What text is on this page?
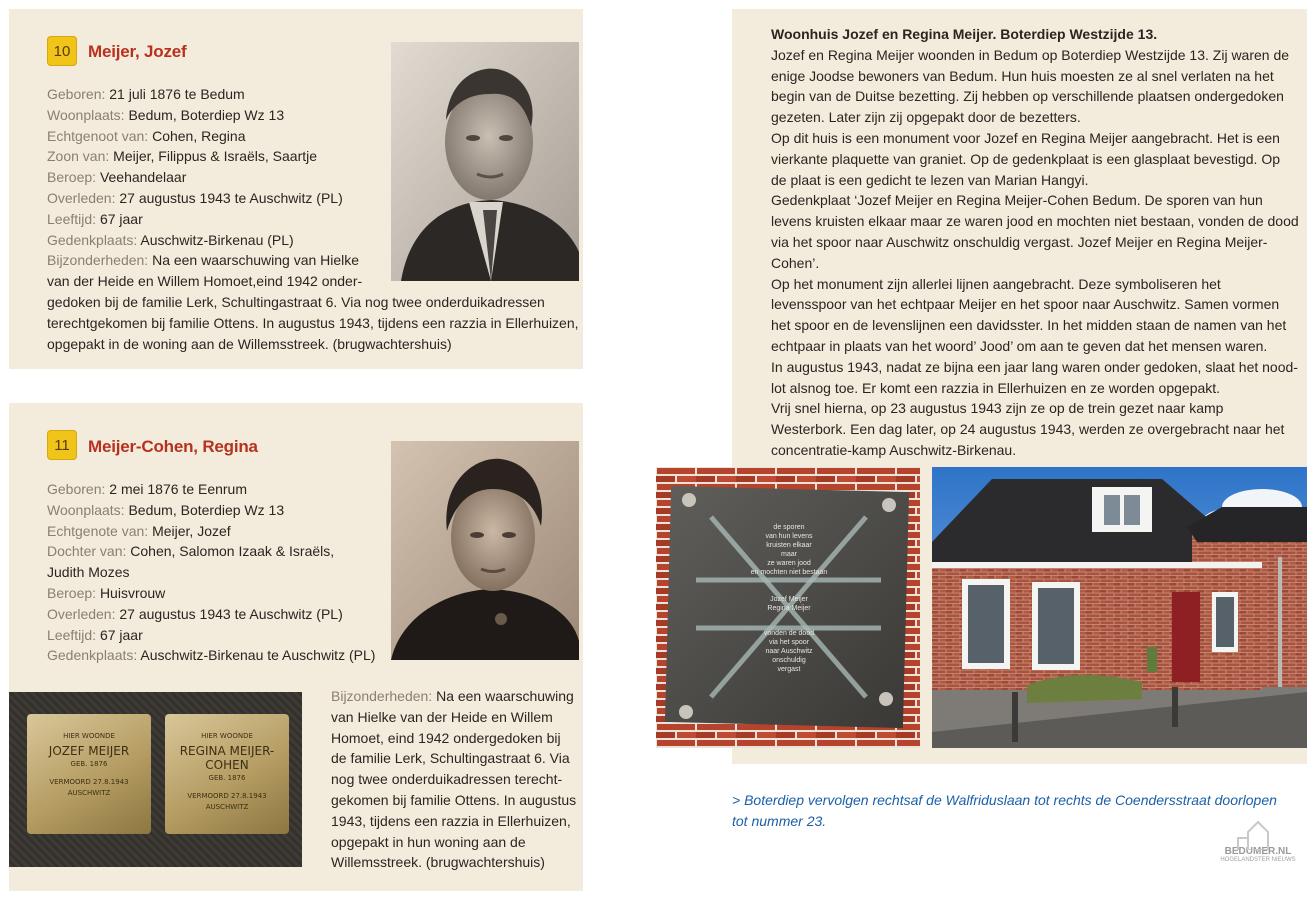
10	Meijer, Jozef
Geboren: 21 juli 1876 te Bedum
Woonplaats: Bedum, Boterdiep Wz 13
Echtgenoot van: Cohen, Regina
Zoon van: Meijer, Filippus & Israëls, Saartje
Beroep: Veehandelaar
Overleden: 27 augustus 1943 te Auschwitz (PL)
Leeftijd: 67 jaar
Gedenkplaats: Auschwitz-Birkenau (PL)
Bijzonderheden: Na een waarschuwing van Hielke
van der Heide en Willem Homoet,eind 1942 onder-
gedoken bij de familie Lerk, Schultingastraat 6. Via nog twee onderduikadressen
terechtgekomen bij familie Ottens. In augustus 1943, tijdens een razzia in Ellerhuizen,
opgepakt in de woning aan de Willemsstreek. (brugwachtershuis)
11	Meijer-Cohen, Regina
Geboren: 2 mei 1876 te Eenrum
Woonplaats: Bedum, Boterdiep Wz 13
Echtgenote van: Meijer, Jozef
Dochter van: Cohen, Salomon Izaak & Israëls,
Judith Mozes
Beroep: Huisvrouw
Overleden: 27 augustus 1943 te Auschwitz (PL)
Leeftijd: 67 jaar
Gedenkplaats: Auschwitz-Birkenau te Auschwitz (PL)
HIER WOONDE
JOZEF MEIJER
GEB. 1876
VERMOORD 27.8.1943
AUSCHWITZ
HIER WOONDE
REGINA MEIJER-COHEN
GEB. 1876
VERMOORD 27.8.1943
AUSCHWITZ
Bijzonderheden: Na een waarschuwing
van Hielke van der Heide en Willem
Homoet, eind 1942 ondergedoken bij
de familie Lerk, Schultingastraat 6. Via
nog twee onderduikadressen terecht-
gekomen bij familie Ottens. In augustus
1943, tijdens een razzia in Ellerhuizen,
opgepakt in hun woning aan de
Willemsstreek. (brugwachtershuis)

Woonhuis Jozef en Regina Meijer. Boterdiep Westzijde 13.

Jozef en Regina Meijer woonden in Bedum op Boterdiep Westzijde 13. Zij waren de enige Joodse bewoners van Bedum. Hun huis moesten ze al snel verlaten na het begin van de Duitse bezetting. Zij hebben op verschillende plaatsen ondergedoken gezeten. Later zijn zij opgepakt door de bezetters.

Op dit huis is een monument voor Jozef en Regina Meijer aangebracht. Het is een vierkante plaquette van graniet. Op de gedenkplaat is een glasplaat bevestigd. Op de plaat is een gedicht te lezen van Marian Hangyi.

Gedenkplaat ‘Jozef Meijer en Regina Meijer-Cohen Bedum. De sporen van hun levens kruisten elkaar maar ze waren jood en mochten niet bestaan, vonden de dood via het spoor naar Auschwitz onschuldig vergast. Jozef Meijer en Regina Meijer-Cohen’.

Op het monument zijn allerlei lijnen aangebracht. Deze symboliseren het levensspoor van het echtpaar Meijer en het spoor naar Auschwitz. Samen vormen het spoor en de levenslijnen een davidsster. In het midden staan de namen van het echtpaar in plaats van het woord’ Jood’ om aan te geven dat het mensen waren.

In augustus 1943, nadat ze bijna een jaar lang waren onder gedoken, slaat het nood-lot alsnog toe. Er komt een razzia in Ellerhuizen en ze worden opgepakt.

Vrij snel hierna, op 23 augustus 1943 zijn ze op de trein gezet naar kamp Westerbork. Een dag later, op 24 augustus 1943, werden ze overgebracht naar het concentratie-kamp Auschwitz-Birkenau.

de sporen
van hun levens
kruisten elkaar
maar
ze waren jood
en mochten niet bestaan
Jozef Meijer
Regina Meijer
vonden de dood
via het spoor
naar Auschwitz
onschuldig
vergast
> Boterdiep vervolgen rechtsaf de Walfriduslaan tot rechts de Coendersstraat doorlopen
tot nummer 23.
BEDUMER.NL
HOGELANDSTER NIEUWS
